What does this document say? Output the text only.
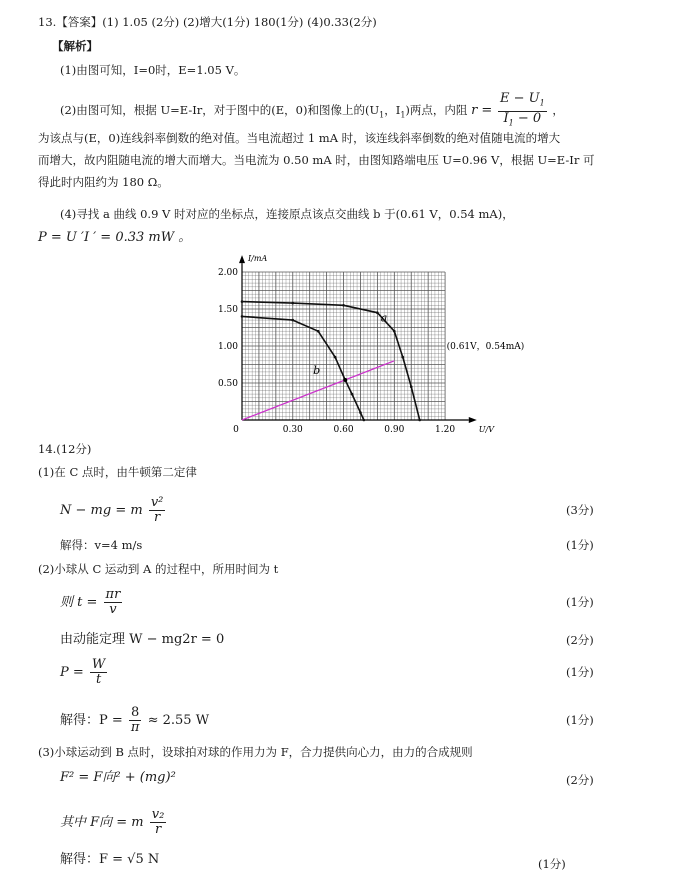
13.【答案】(1) 1.05 (2分) (2)增大(1分) 180(1分) (4)0.33(2分)
【解析】
(1)由图可知，I=0时，E=1.05 V。
(2)由图可知，根据 U=E-Ir，对于图中的(E，0)和图像上的($U_1$，$I_1$)两点，内阻 $r = \frac{E - U_1}{I_1 - 0}$ ，
为该点与(E，0)连线斜率倒数的绝对值。当电流超过 1 mA 时，该连线斜率倒数的绝对值随电流的增大
而增大，故内阻随电流的增大而增大。当电流为 0.50 mA 时，由图知路端电压 U=0.96 V，根据 U=E-Ir 可
得此时内阻约为 180 Ω。
(4)寻找 a 曲线 0.9 V 时对应的坐标点，连接原点该点交曲线 b 于(0.61 V，0.54 mA)，
P = U ′I ′ = 0.33 mW 。
2.00
1.50
1.00
0.50
0	0.30	0.60	0.90	1.20
I/mA
U/V
a
b
(0.61V，0.54mA)
14.(12分)
(1)在 C 点时，由牛顿第二定律
N − mg = m $\frac{\text{v²}}{r}$	(3分)
解得：v=4 m/s	(1分)
(2)小球从 C 运动到 A 的过程中，所用时间为 t
则 $t = \frac{\pi r}{v}$	(1分)
由动能定理 W − mg2r = 0	(2分)
$P = \frac{W}{t}$	(1分)
解得：$P = \frac{8}{\pi} \approx 2.55$ W	(1分)
(3)小球运动到 B 点时，设球拍对球的作用力为 F，合力提供向心力，由力的合成规则
F² = F向² + (mg)²	(2分)
其中 F向 = m $\frac{\text{v₂}}{r}$
解得：F = √5 N	(1分)
